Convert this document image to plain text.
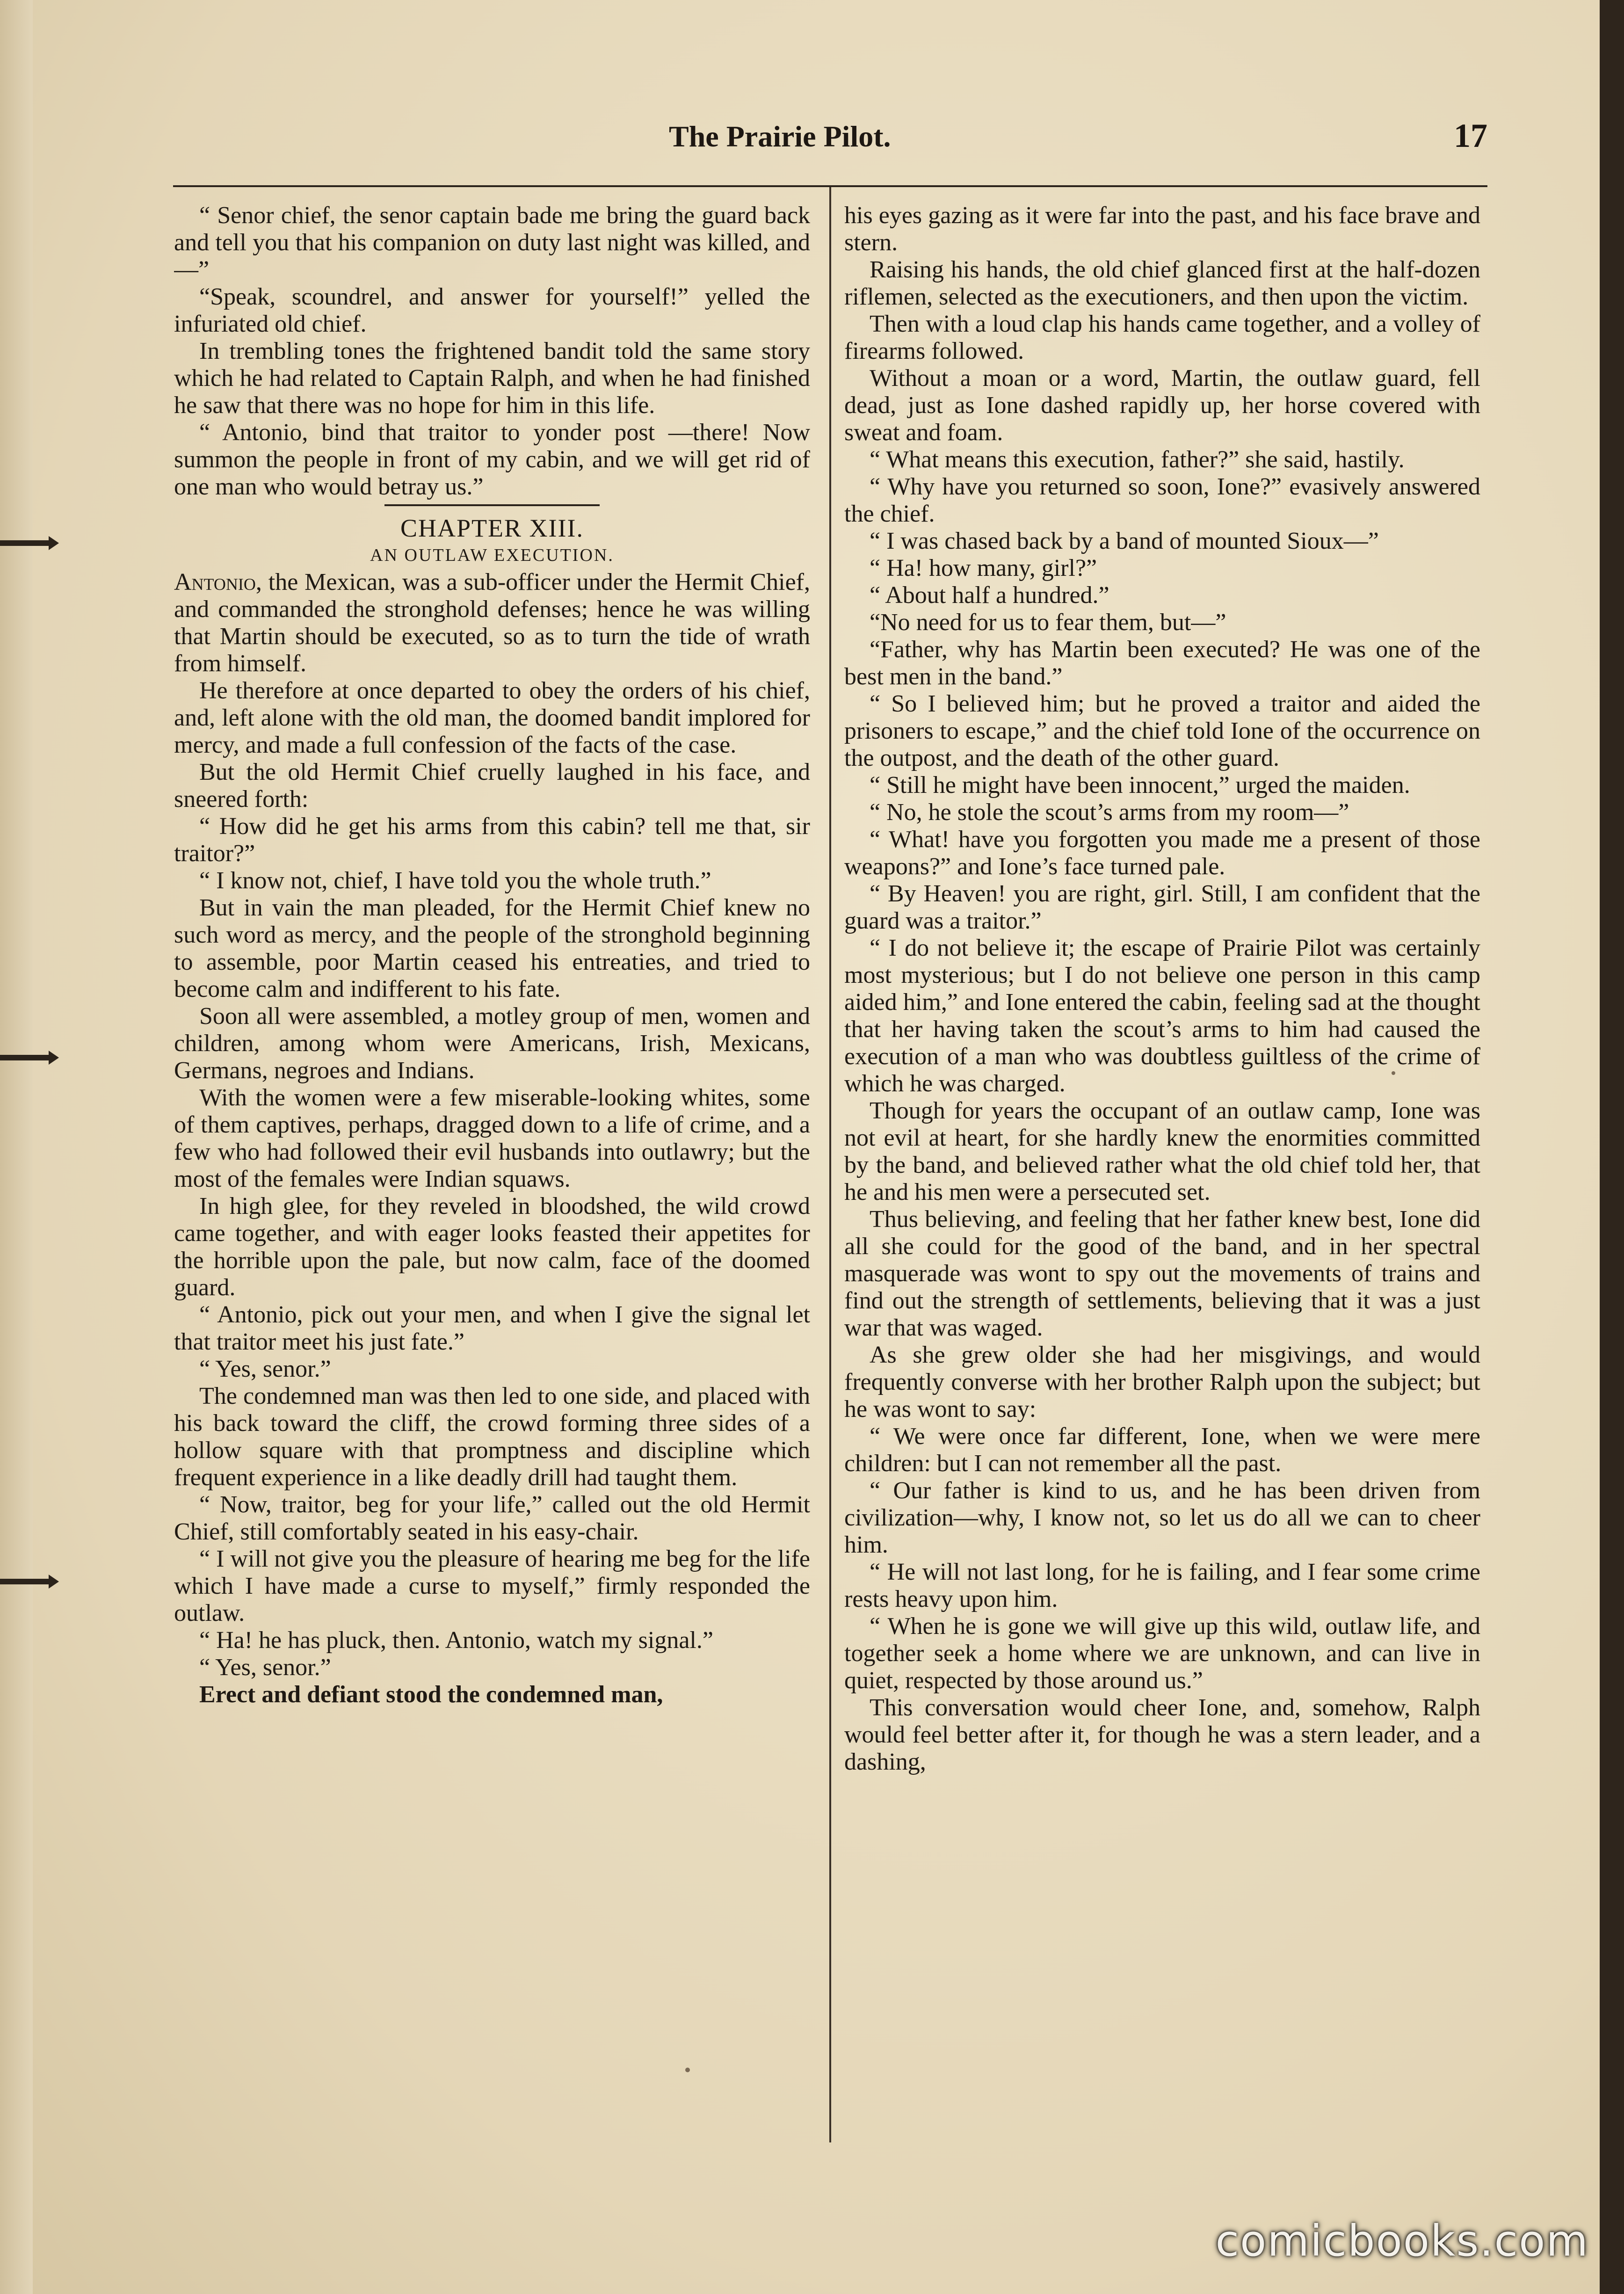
The Prairie Pilot.	17

“ Senor chief, the senor captain bade me bring the guard back and tell you that his companion on duty last night was killed, and—”

“Speak, scoundrel, and answer for yourself!” yelled the infuriated old chief.

In trembling tones the frightened bandit told the same story which he had related to Captain Ralph, and when he had finished he saw that there was no hope for him in this life.

“ Antonio, bind that traitor to yonder post —there! Now summon the people in front of my cabin, and we will get rid of one man who would betray us.”

CHAPTER XIII.

AN OUTLAW EXECUTION.

Antonio, the Mexican, was a sub-officer under the Hermit Chief, and commanded the stronghold defenses; hence he was willing that Martin should be executed, so as to turn the tide of wrath from himself.

He therefore at once departed to obey the orders of his chief, and, left alone with the old man, the doomed bandit implored for mercy, and made a full confession of the facts of the case.

But the old Hermit Chief cruelly laughed in his face, and sneered forth:

“ How did he get his arms from this cabin? tell me that, sir traitor?”

“ I know not, chief, I have told you the whole truth.”

But in vain the man pleaded, for the Hermit Chief knew no such word as mercy, and the people of the stronghold beginning to assemble, poor Martin ceased his entreaties, and tried to become calm and indifferent to his fate.

Soon all were assembled, a motley group of men, women and children, among whom were Americans, Irish, Mexicans, Germans, negroes and Indians.

With the women were a few miserable-looking whites, some of them captives, perhaps, dragged down to a life of crime, and a few who had followed their evil husbands into outlawry; but the most of the females were Indian squaws.

In high glee, for they reveled in bloodshed, the wild crowd came together, and with eager looks feasted their appetites for the horrible upon the pale, but now calm, face of the doomed guard.

“ Antonio, pick out your men, and when I give the signal let that traitor meet his just fate.”

“ Yes, senor.”

The condemned man was then led to one side, and placed with his back toward the cliff, the crowd forming three sides of a hollow square with that promptness and discipline which frequent experience in a like deadly drill had taught them.

“ Now, traitor, beg for your life,” called out the old Hermit Chief, still comfortably seated in his easy-chair.

“ I will not give you the pleasure of hearing me beg for the life which I have made a curse to myself,” firmly responded the outlaw.

“ Ha! he has pluck, then. Antonio, watch my signal.”

“ Yes, senor.”

Erect and defiant stood the condemned man,

his eyes gazing as it were far into the past, and his face brave and stern.

Raising his hands, the old chief glanced first at the half-dozen riflemen, selected as the executioners, and then upon the victim.

Then with a loud clap his hands came together, and a volley of firearms followed.

Without a moan or a word, Martin, the outlaw guard, fell dead, just as Ione dashed rapidly up, her horse covered with sweat and foam.

“ What means this execution, father?” she said, hastily.

“ Why have you returned so soon, Ione?” evasively answered the chief.

“ I was chased back by a band of mounted Sioux—”

“ Ha! how many, girl?”

“ About half a hundred.”

“No need for us to fear them, but—”

“Father, why has Martin been executed? He was one of the best men in the band.”

“ So I believed him; but he proved a traitor and aided the prisoners to escape,” and the chief told Ione of the occurrence on the outpost, and the death of the other guard.

“ Still he might have been innocent,” urged the maiden.

“ No, he stole the scout’s arms from my room—”

“ What! have you forgotten you made me a present of those weapons?” and Ione’s face turned pale.

“ By Heaven! you are right, girl. Still, I am confident that the guard was a traitor.”

“ I do not believe it; the escape of Prairie Pilot was certainly most mysterious; but I do not believe one person in this camp aided him,” and Ione entered the cabin, feeling sad at the thought that her having taken the scout’s arms to him had caused the execution of a man who was doubtless guiltless of the crime of which he was charged.

Though for years the occupant of an outlaw camp, Ione was not evil at heart, for she hardly knew the enormities committed by the band, and believed rather what the old chief told her, that he and his men were a persecuted set.

Thus believing, and feeling that her father knew best, Ione did all she could for the good of the band, and in her spectral masquerade was wont to spy out the movements of trains and find out the strength of settlements, believing that it was a just war that was waged.

As she grew older she had her misgivings, and would frequently converse with her brother Ralph upon the subject; but he was wont to say:

“ We were once far different, Ione, when we were mere children: but I can not remember all the past.

“ Our father is kind to us, and he has been driven from civilization—why, I know not, so let us do all we can to cheer him.

“ He will not last long, for he is failing, and I fear some crime rests heavy upon him.

“ When he is gone we will give up this wild, outlaw life, and together seek a home where we are unknown, and can live in quiet, respected by those around us.”

This conversation would cheer Ione, and, somehow, Ralph would feel better after it, for though he was a stern leader, and a dashing,

comicbooks.com
